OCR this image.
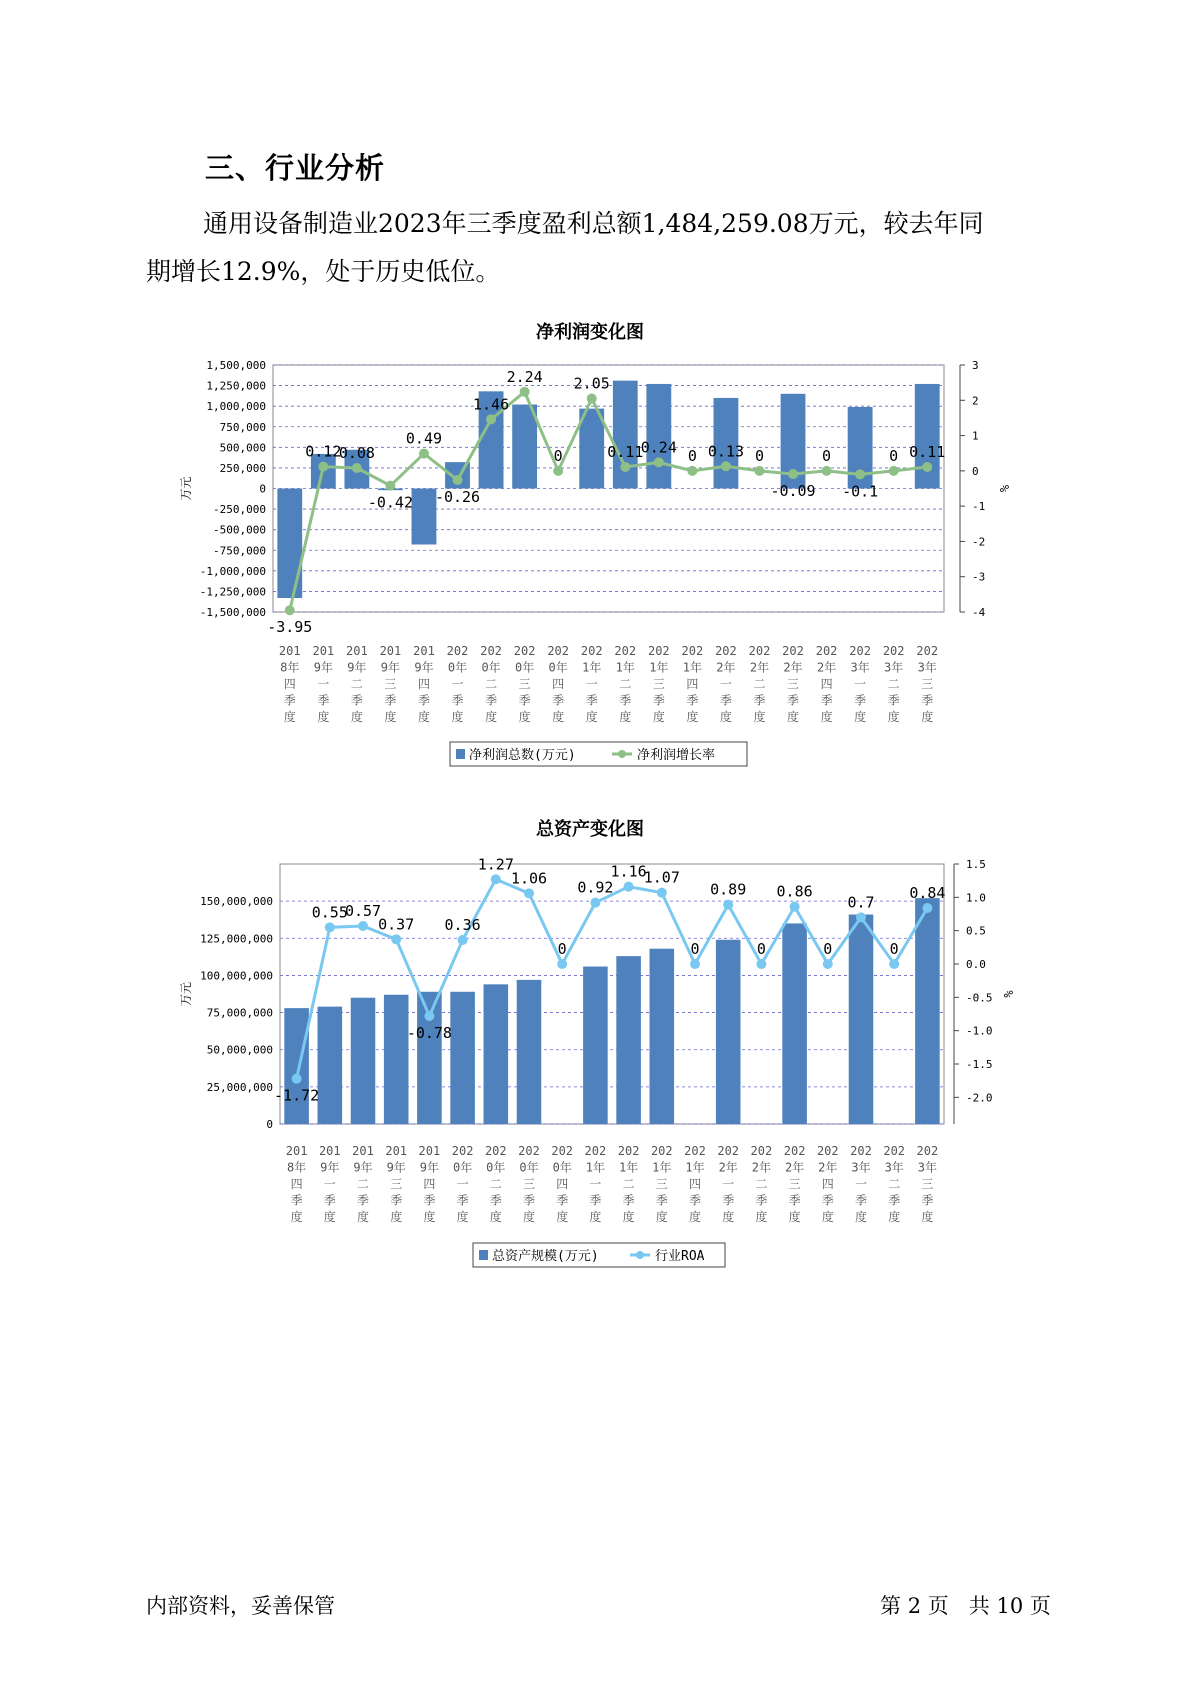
三、行业分析

通用设备制造业2023年三季度盈利总额1,484,259.08万元，较去年同
期增长12.9%，处于历史低位。

净利润变化图
1,500,000
1,250,000
1,000,000
750,000
500,000
250,000
0
-250,000
-500,000
-750,000
-1,000,000
-1,250,000
-1,500,000
3
2
1
0
-1
-2
-3
-4
万元	%
-3.95
0.12
0.08
-0.42
0.49
-0.26
1.46
2.24
0
2.05
0.11
0.24 0 0.13 0
-0.09
0
-0.1
0 0.11
201 8年四季度
201 9年一季度
201 9年二季度
201 9年三季度
201 9年四季度
202 0年一季度
202 0年二季度
202 0年三季度
202 0年四季度
202 1年一季度
202 1年二季度
202 1年三季度
202 1年四季度
202 2年一季度
202 2年二季度
202 2年三季度
202 2年四季度
202 3年一季度
202 3年二季度
202 3年三季度
净利润总数(万元)	净利润增长率
总资产变化图
150,000,000
125,000,000
100,000,000
75,000,000
50,000,000
25,000,000
0
1.5
1.0
0.5
0.0
-0.5
-1.0
-1.5
-2.0
万元	%
-1.72
0.55
0.57
0.37
-0.78
0.36
1.27
1.06
0
0.92
1.16
1.07
0
0.89
0
0.86
0
0.7
0
0.84
201 8年四季度
201 9年一季度
201 9年二季度
201 9年三季度
201 9年四季度
202 0年一季度
202 0年二季度
202 0年三季度
202 0年四季度
202 1年一季度
202 1年二季度
202 1年三季度
202 1年四季度
202 2年一季度
202 2年二季度
202 2年三季度
202 2年四季度
202 3年一季度
202 3年二季度
202 3年三季度
总资产规模(万元)	行业ROA
内部资料，妥善保管	第 2 页   共 10 页
